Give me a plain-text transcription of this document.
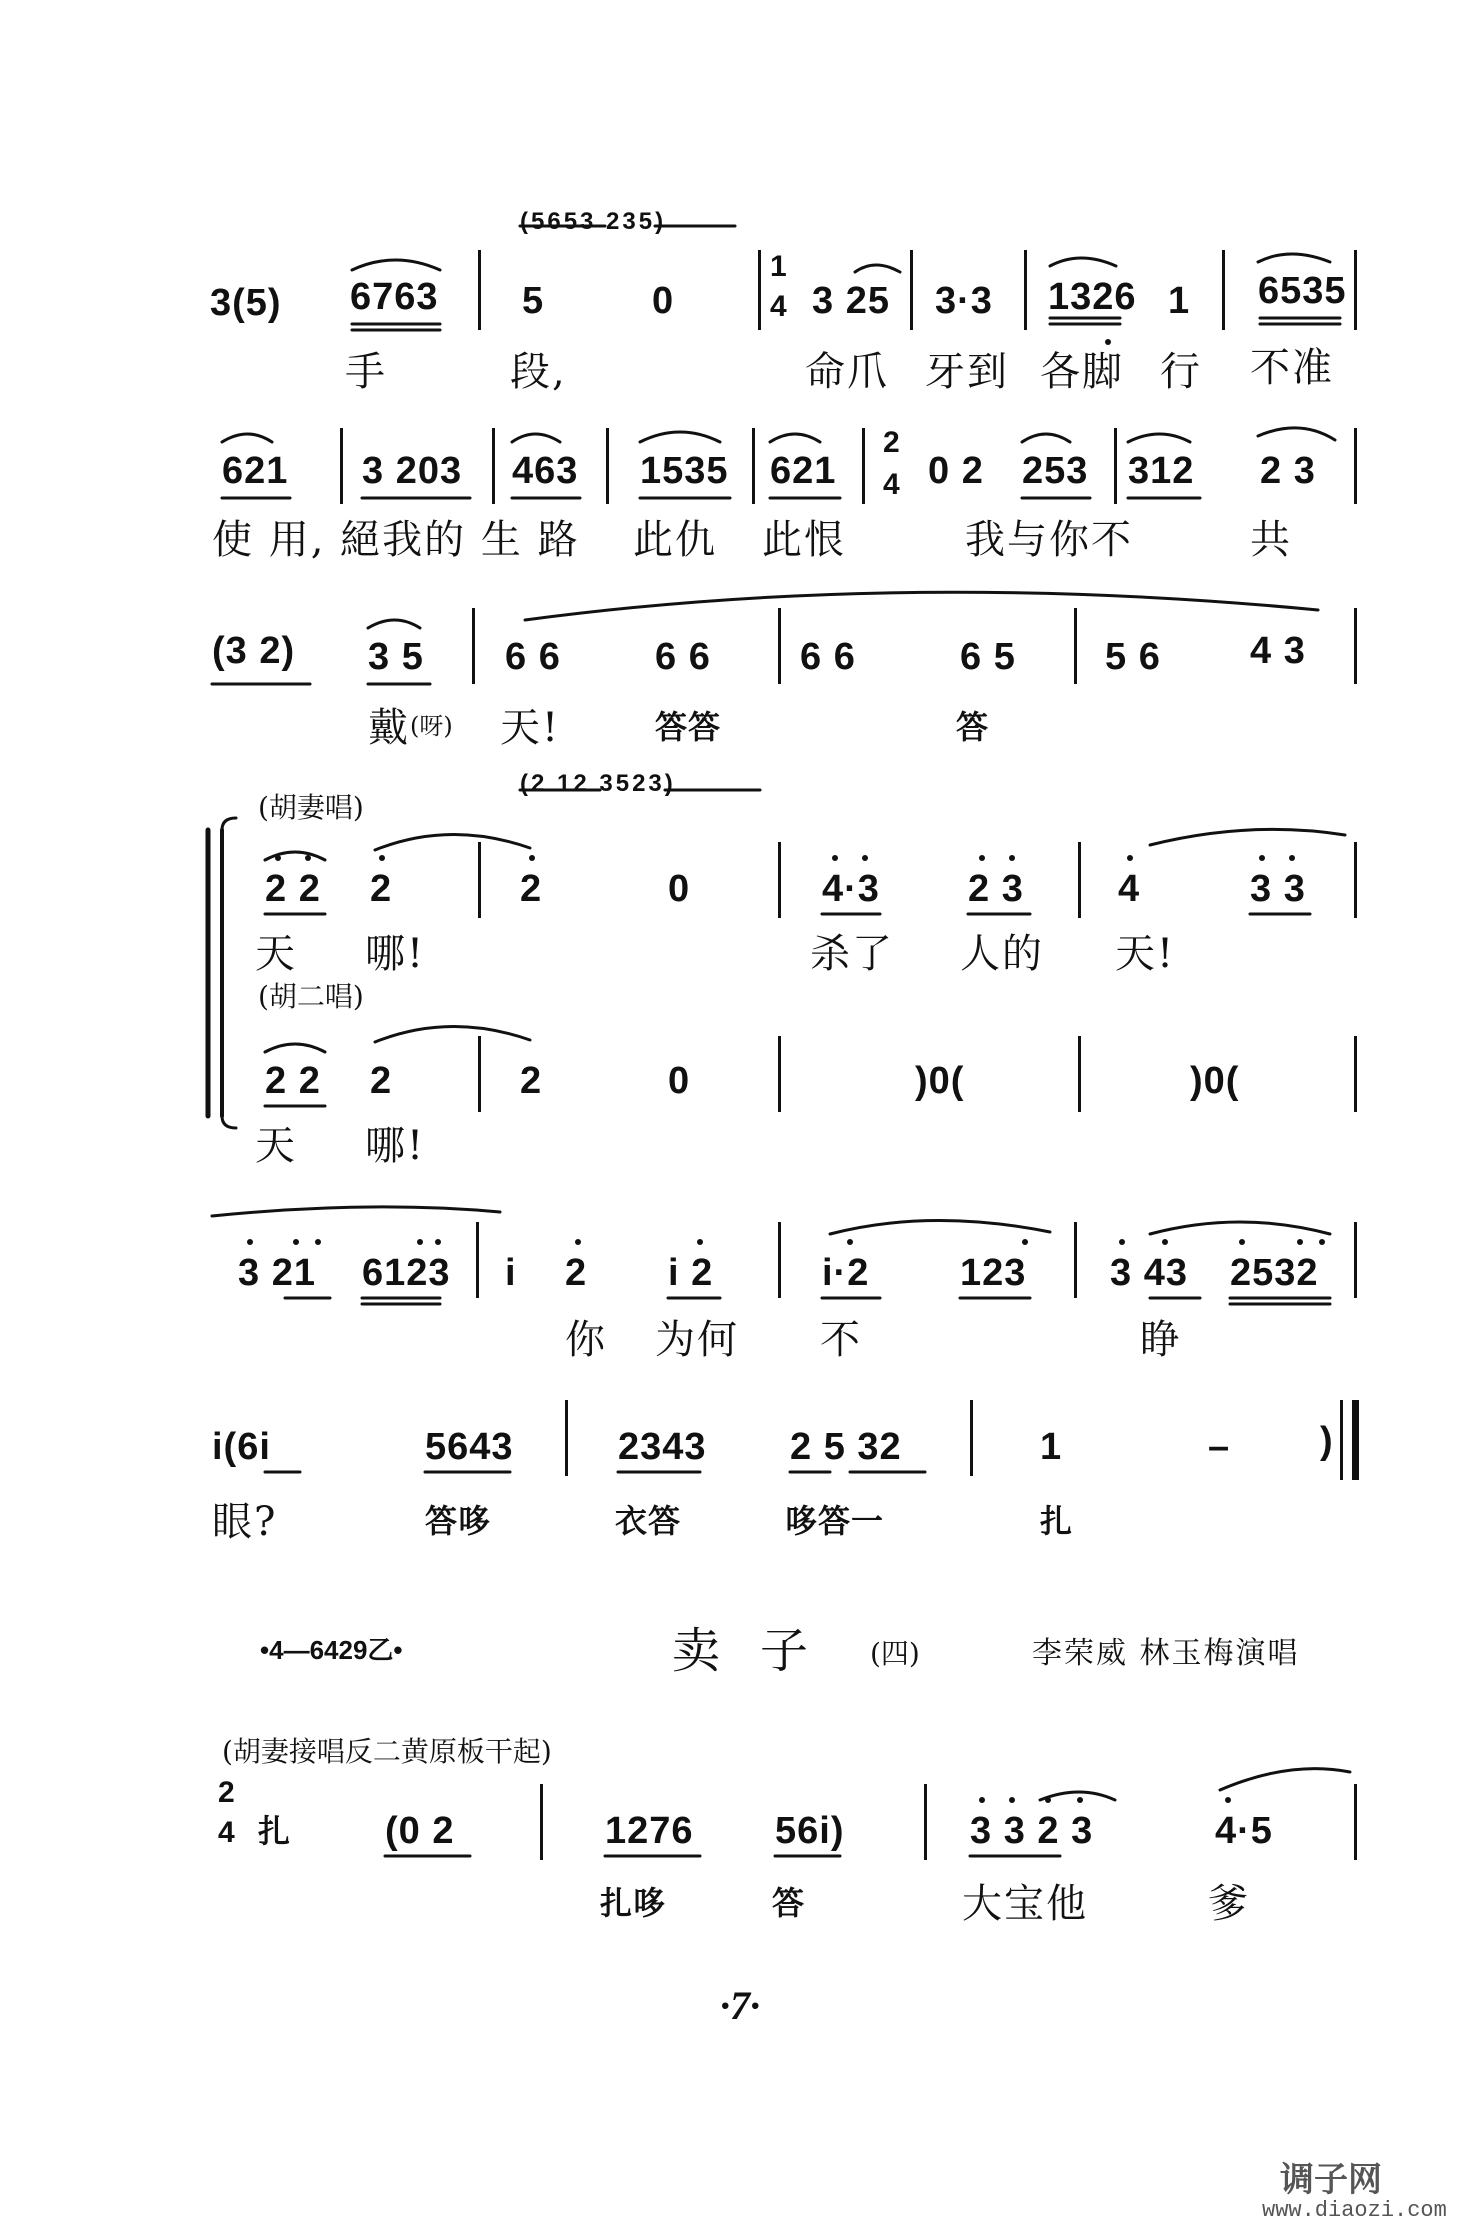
(5653 235)
3(5) 6763 5	0
1
4 3 25 3·3 1326 1 6535
手	段,	命爪 牙到 各脚 行 不准
621 3 203 463 1535 621
2
4 0 2 253 312 2 3
使 用, 絕我的 生 路 此仇 此恨	我与你不	共
(3 2) 3 5 6 6 6 6 6 6	6 5 5 6 4 3
戴 (呀) 天!	答答	答
(胡妻唱)
(2 12 3523)
2 2 2	2	0	4·3 2 3 4	3 3
天 哪!	杀了 人的 天!
(胡二唱)
2 2 2	2	0	)0(	)0(
天 哪!
3 21 6123 i 2 i 2	i·2 123 3 43 2532
你 为何 不	睁
i(6i	5643	2343 2 5 32	1	– )
眼?	答哆	衣答	哆答一	扎
•4—6429乙•	卖子 (四)	李荣威 林玉梅演唱
(胡妻接唱反二黄原板干起)
2
4 扎 (0 2	1276 56i)	3 3 2 3	4·5
扎哆	答	大宝他	爹
·7·
调子网
www.diaozi.com
